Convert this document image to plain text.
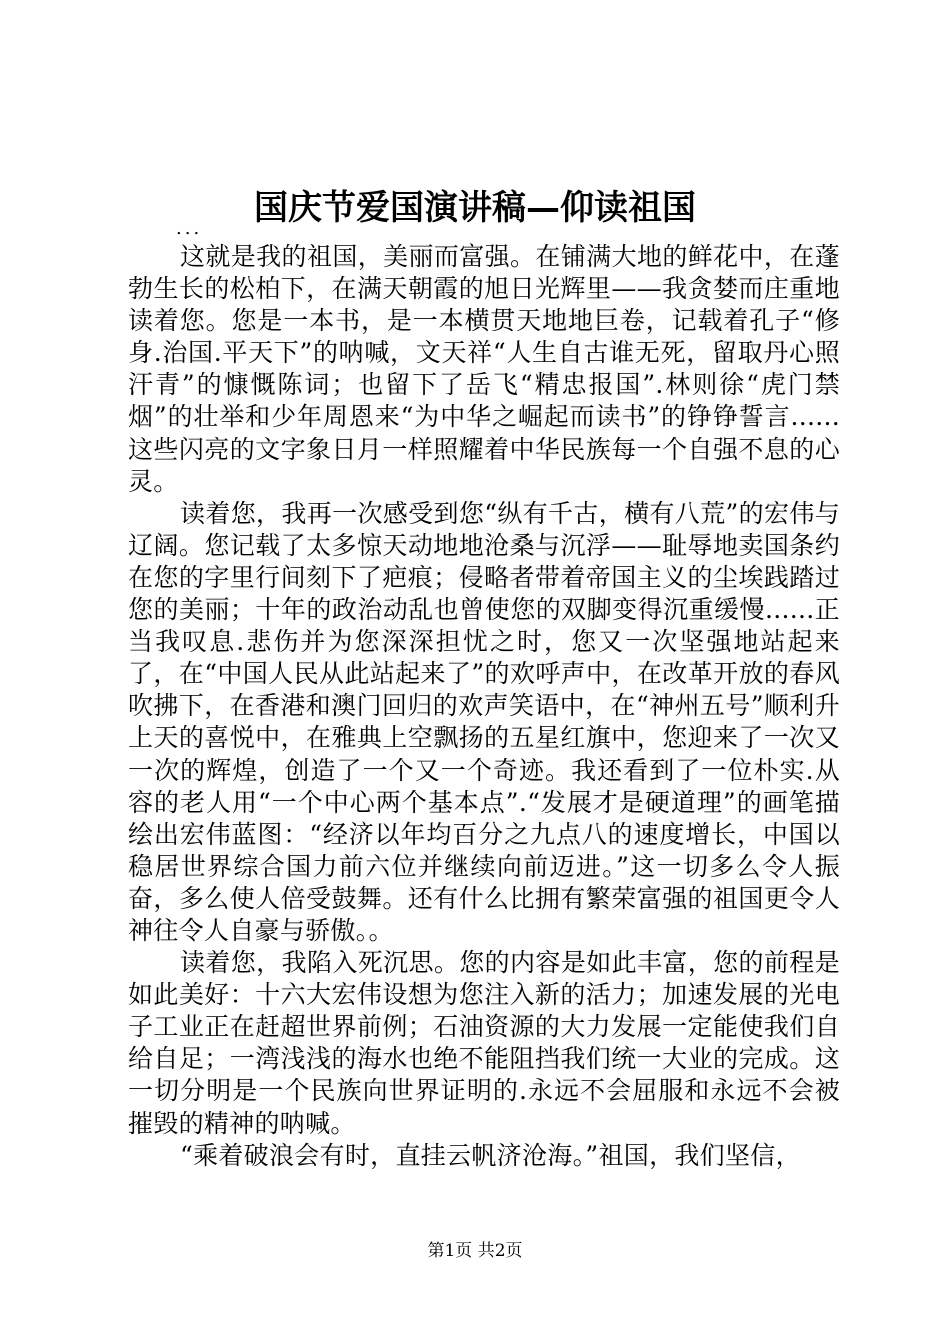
国庆节爱国演讲稿—仰读祖国
...

这就是我的祖国，美丽而富强。在铺满大地的鲜花中，在蓬勃生长的松柏下，在满天朝霞的旭日光辉里——我贪婪而庄重地读着您。您是一本书，是一本横贯天地地巨卷，记载着孔子“修身.治国.平天下”的呐喊，文天祥“人生自古谁无死，留取丹心照汗青”的慷慨陈词；也留下了岳飞“精忠报国”.林则徐“虎门禁烟”的壮举和少年周恩来“为中华之崛起而读书”的铮铮誓言......这些闪亮的文字象日月一样照耀着中华民族每一个自强不息的心灵。

读着您，我再一次感受到您“纵有千古，横有八荒”的宏伟与辽阔。您记载了太多惊天动地地沧桑与沉浮——耻辱地卖国条约在您的字里行间刻下了疤痕；侵略者带着帝国主义的尘埃践踏过您的美丽；十年的政治动乱也曾使您的双脚变得沉重缓慢......正当我叹息.悲伤并为您深深担忧之时，您又一次坚强地站起来了，在“中国人民从此站起来了”的欢呼声中，在改革开放的春风吹拂下，在香港和澳门回归的欢声笑语中，在“神州五号”顺利升上天的喜悦中，在雅典上空飘扬的五星红旗中，您迎来了一次又一次的辉煌，创造了一个又一个奇迹。我还看到了一位朴实.从容的老人用“一个中心两个基本点”.“发展才是硬道理”的画笔描绘出宏伟蓝图：“经济以年均百分之九点八的速度增长，中国以稳居世界综合国力前六位并继续向前迈进。”这一切多么令人振奋，多么使人倍受鼓舞。还有什么比拥有繁荣富强的祖国更令人神往令人自豪与骄傲。。

读着您，我陷入死沉思。您的内容是如此丰富，您的前程是如此美好：十六大宏伟设想为您注入新的活力；加速发展的光电子工业正在赶超世界前例；石油资源的大力发展一定能使我们自给自足；一湾浅浅的海水也绝不能阻挡我们统一大业的完成。这一切分明是一个民族向世界证明的.永远不会屈服和永远不会被摧毁的精神的呐喊。

“乘着破浪会有时，直挂云帆济沧海。”祖国，我们坚信，

第1页 共2页
